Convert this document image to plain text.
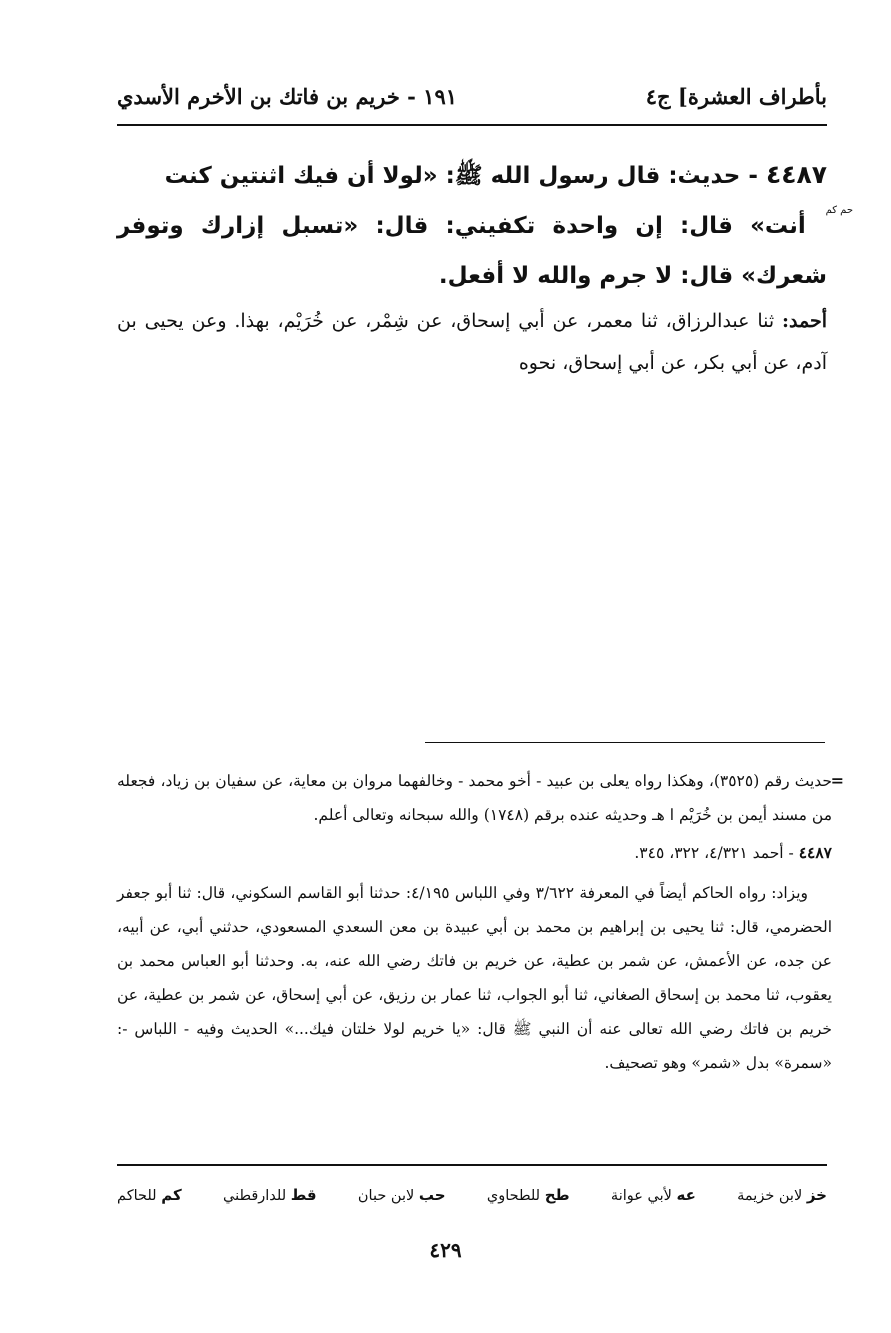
بأطراف العشرة] ج٤
١٩١ - خريم بن فاتك بن الأخرم الأسدي
٤٤٨٧ - حديث: قال رسول الله ﷺ: «لولا أن فيك اثنتين كنت
حم كم أنت» قال: إن واحدة تكفيني: قال: «تسبل إزارك وتوفر شعرك» قال: لا جرم والله لا أفعل.
أحمد: ثنا عبدالرزاق، ثنا معمر، عن أبي إسحاق، عن شِمْر، عن خُرَيْم، بهذا. وعن يحيى بن آدم، عن أبي بكر، عن أبي إسحاق، نحوه
=

حديث رقم (٣٥٢٥)، وهكذا رواه يعلى بن عبيد - أخو محمد - وخالفهما مروان بن معاية، عن سفيان بن زياد، فجعله من مسند أيمن بن خُرَيْم ا هـ وحديثه عنده برقم (١٧٤٨) والله سبحانه وتعالى أعلم.

٤٤٨٧ - أحمد ٤/٣٢١، ٣٢٢، ٣٤٥.

ويزاد: رواه الحاكم أيضاً في المعرفة ٣/٦٢٢ وفي اللباس ٤/١٩٥: حدثنا أبو القاسم السكوني، قال: ثنا أبو جعفر الحضرمي، قال: ثنا يحيى بن إبراهيم بن محمد بن أبي عبيدة بن معن السعدي المسعودي، حدثني أبي، عن أبيه، عن جده، عن الأعمش، عن شمر بن عطية، عن خريم بن فاتك رضي الله عنه، به. وحدثنا أبو العباس محمد بن يعقوب، ثنا محمد بن إسحاق الصغاني، ثنا أبو الجواب، ثنا عمار بن رزيق، عن أبي إسحاق، عن شمر بن عطية، عن خريم بن فاتك رضي الله تعالى عنه أن النبي ﷺ قال: «يا خريم لولا خلتان فيك...» الحديث وفيه - اللباس -: «سمرة» بدل «شمر» وهو تصحيف.

خز لابن خزيمة
عه لأبي عوانة
طح للطحاوي
حب لابن حبان
قط للدارقطني
كم للحاكم
٤٢٩
